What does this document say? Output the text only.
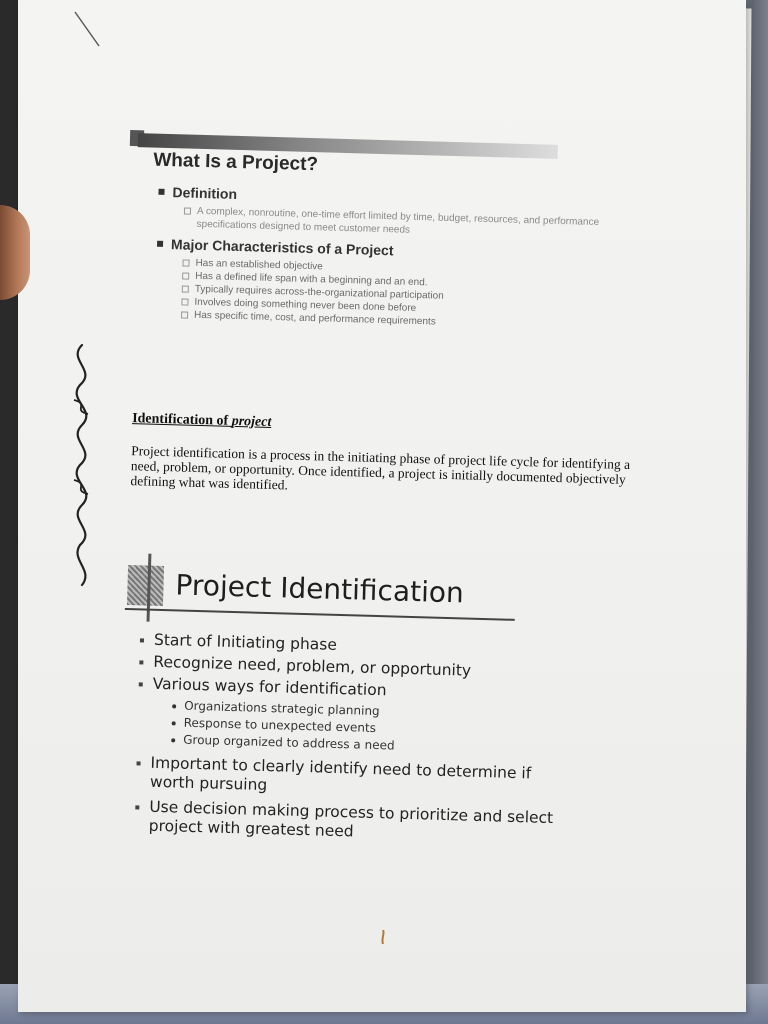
What Is a Project?
Definition
A complex, nonroutine, one-time effort limited by time, budget, resources, and performance specifications designed to meet customer needs
Major Characteristics of a Project
Has an established objective
Has a defined life span with a beginning and an end.
Typically requires across-the-organizational participation
Involves doing something never been done before
Has specific time, cost, and performance requirements
Identification of project
Project identification is a process in the initiating phase of project life cycle for identifying a need, problem, or opportunity. Once identified, a project is initially documented objectively defining what was identified.
Project Identification
Start of Initiating phase
Recognize need, problem, or opportunity
Various ways for identification
Organizations strategic planning
Response to unexpected events
Group organized to address a need
Important to clearly identify need to determine if worth pursuing
Use decision making process to prioritize and select project with greatest need
